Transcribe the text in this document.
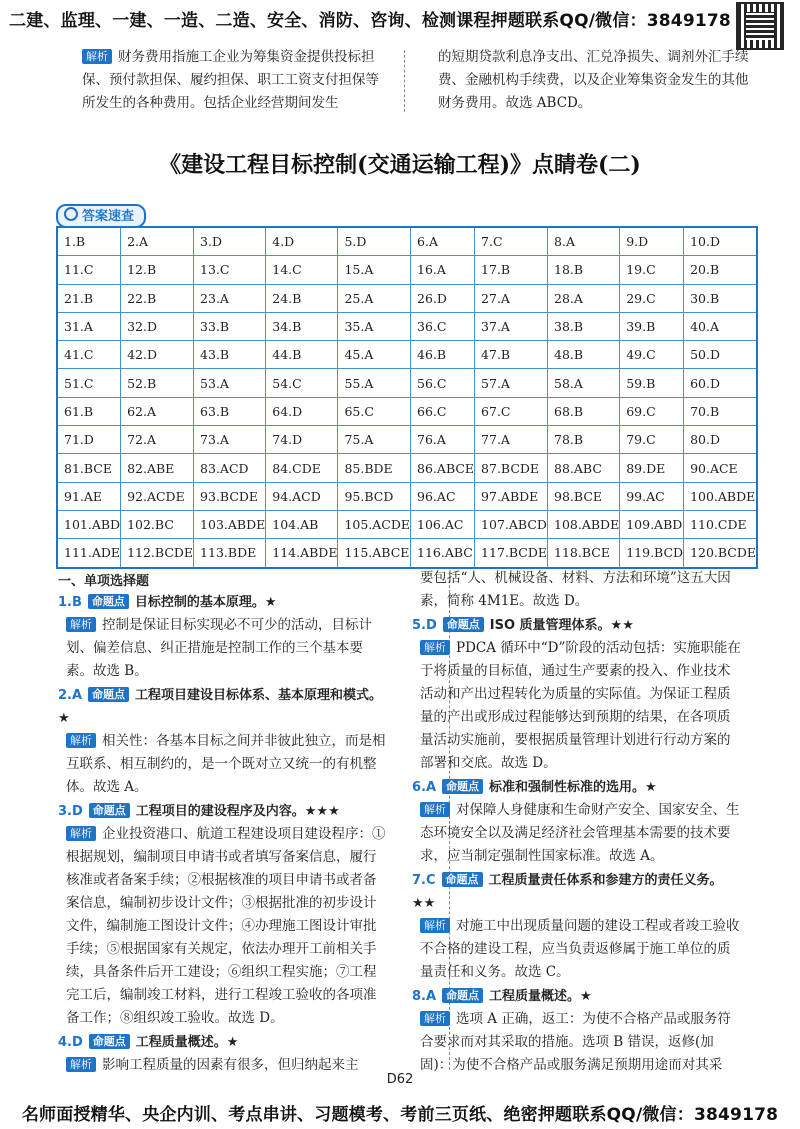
二建、监理、一建、一造、二造、安全、消防、咨询、检测课程押题联系QQ/微信：3849178
解析 财务费用指施工企业为筹集资金提供投标担保、预付款担保、履约担保、职工工资支付担保等所发生的各种费用。包括企业经营期间发生
的短期贷款利息净支出、汇兑净损失、调剂外汇手续费、金融机构手续费，以及企业筹集资金发生的其他财务费用。故选 ABCD。
《建设工程目标控制(交通运输工程)》点睛卷(二)
答案速查
1.B	2.A	3.D	4.D	5.D	6.A	7.C	8.A	9.D	10.D
11.C	12.B	13.C	14.C	15.A	16.A	17.B	18.B	19.C	20.B
21.B	22.B	23.A	24.B	25.A	26.D	27.A	28.A	29.C	30.B
31.A	32.D	33.B	34.B	35.A	36.C	37.A	38.B	39.B	40.A
41.C	42.D	43.B	44.B	45.A	46.B	47.B	48.B	49.C	50.D
51.C	52.B	53.A	54.C	55.A	56.C	57.A	58.A	59.B	60.D
61.B	62.A	63.B	64.D	65.C	66.C	67.C	68.B	69.C	70.B
71.D	72.A	73.A	74.D	75.A	76.A	77.A	78.B	79.C	80.D
81.BCE	82.ABE	83.ACD	84.CDE	85.BDE	86.ABCE	87.BCDE	88.ABC	89.DE	90.ACE
91.AE	92.ACDE	93.BCDE	94.ACD	95.BCD	96.AC	97.ABDE	98.BCE	99.AC	100.ABDE
101.ABD	102.BC	103.ABDE	104.AB	105.ACDE	106.AC	107.ABCD	108.ABDE	109.ABD	110.CDE
111.ADE	112.BCDE	113.BDE	114.ABDE	115.ABCE	116.ABC	117.BCDE	118.BCE	119.BCD	120.BCDE
一、单项选择题

1.B 命题点 目标控制的基本原理。★

解析 控制是保证目标实现必不可少的活动，目标计划、偏差信息、纠正措施是控制工作的三个基本要素。故选 B。

2.A 命题点 工程项目建设目标体系、基本原理和模式。★

解析 相关性：各基本目标之间并非彼此独立，而是相互联系、相互制约的，是一个既对立又统一的有机整体。故选 A。

3.D 命题点 工程项目的建设程序及内容。★★★

解析 企业投资港口、航道工程建设项目建设程序：①根据规划，编制项目申请书或者填写备案信息，履行核准或者备案手续；②根据核准的项目申请书或者备案信息，编制初步设计文件；③根据批准的初步设计文件，编制施工图设计文件；④办理施工图设计审批手续；⑤根据国家有关规定，依法办理开工前相关手续，具备条件后开工建设；⑥组织工程实施；⑦工程完工后，编制竣工材料，进行工程竣工验收的各项准备工作；⑧组织竣工验收。故选 D。

4.D 命题点 工程质量概述。★

解析 影响工程质量的因素有很多，但归纳起来主

要包括“人、机械设备、材料、方法和环境”这五大因素，简称 4M1E。故选 D。

5.D 命题点 ISO 质量管理体系。★★

解析 PDCA 循环中“D”阶段的活动包括：实施职能在于将质量的目标值，通过生产要素的投入、作业技术活动和产出过程转化为质量的实际值。为保证工程质量的产出或形成过程能够达到预期的结果，在各项质量活动实施前，要根据质量管理计划进行行动方案的部署和交底。故选 D。

6.A 命题点 标准和强制性标准的选用。★

解析 对保障人身健康和生命财产安全、国家安全、生态环境安全以及满足经济社会管理基本需要的技术要求，应当制定强制性国家标准。故选 A。

7.C 命题点 工程质量责任体系和参建方的责任义务。★★

解析 对施工中出现质量问题的建设工程或者竣工验收不合格的建设工程，应当负责返修属于施工单位的质量责任和义务。故选 C。

8.A 命题点 工程质量概述。★

解析 选项 A 正确，返工：为使不合格产品或服务符合要求而对其采取的措施。选项 B 错误，返修(加固)：为使不合格产品或服务满足预期用途而对其采

D62
名师面授精华、央企内训、考点串讲、习题模考、考前三页纸、绝密押题联系QQ/微信：3849178
